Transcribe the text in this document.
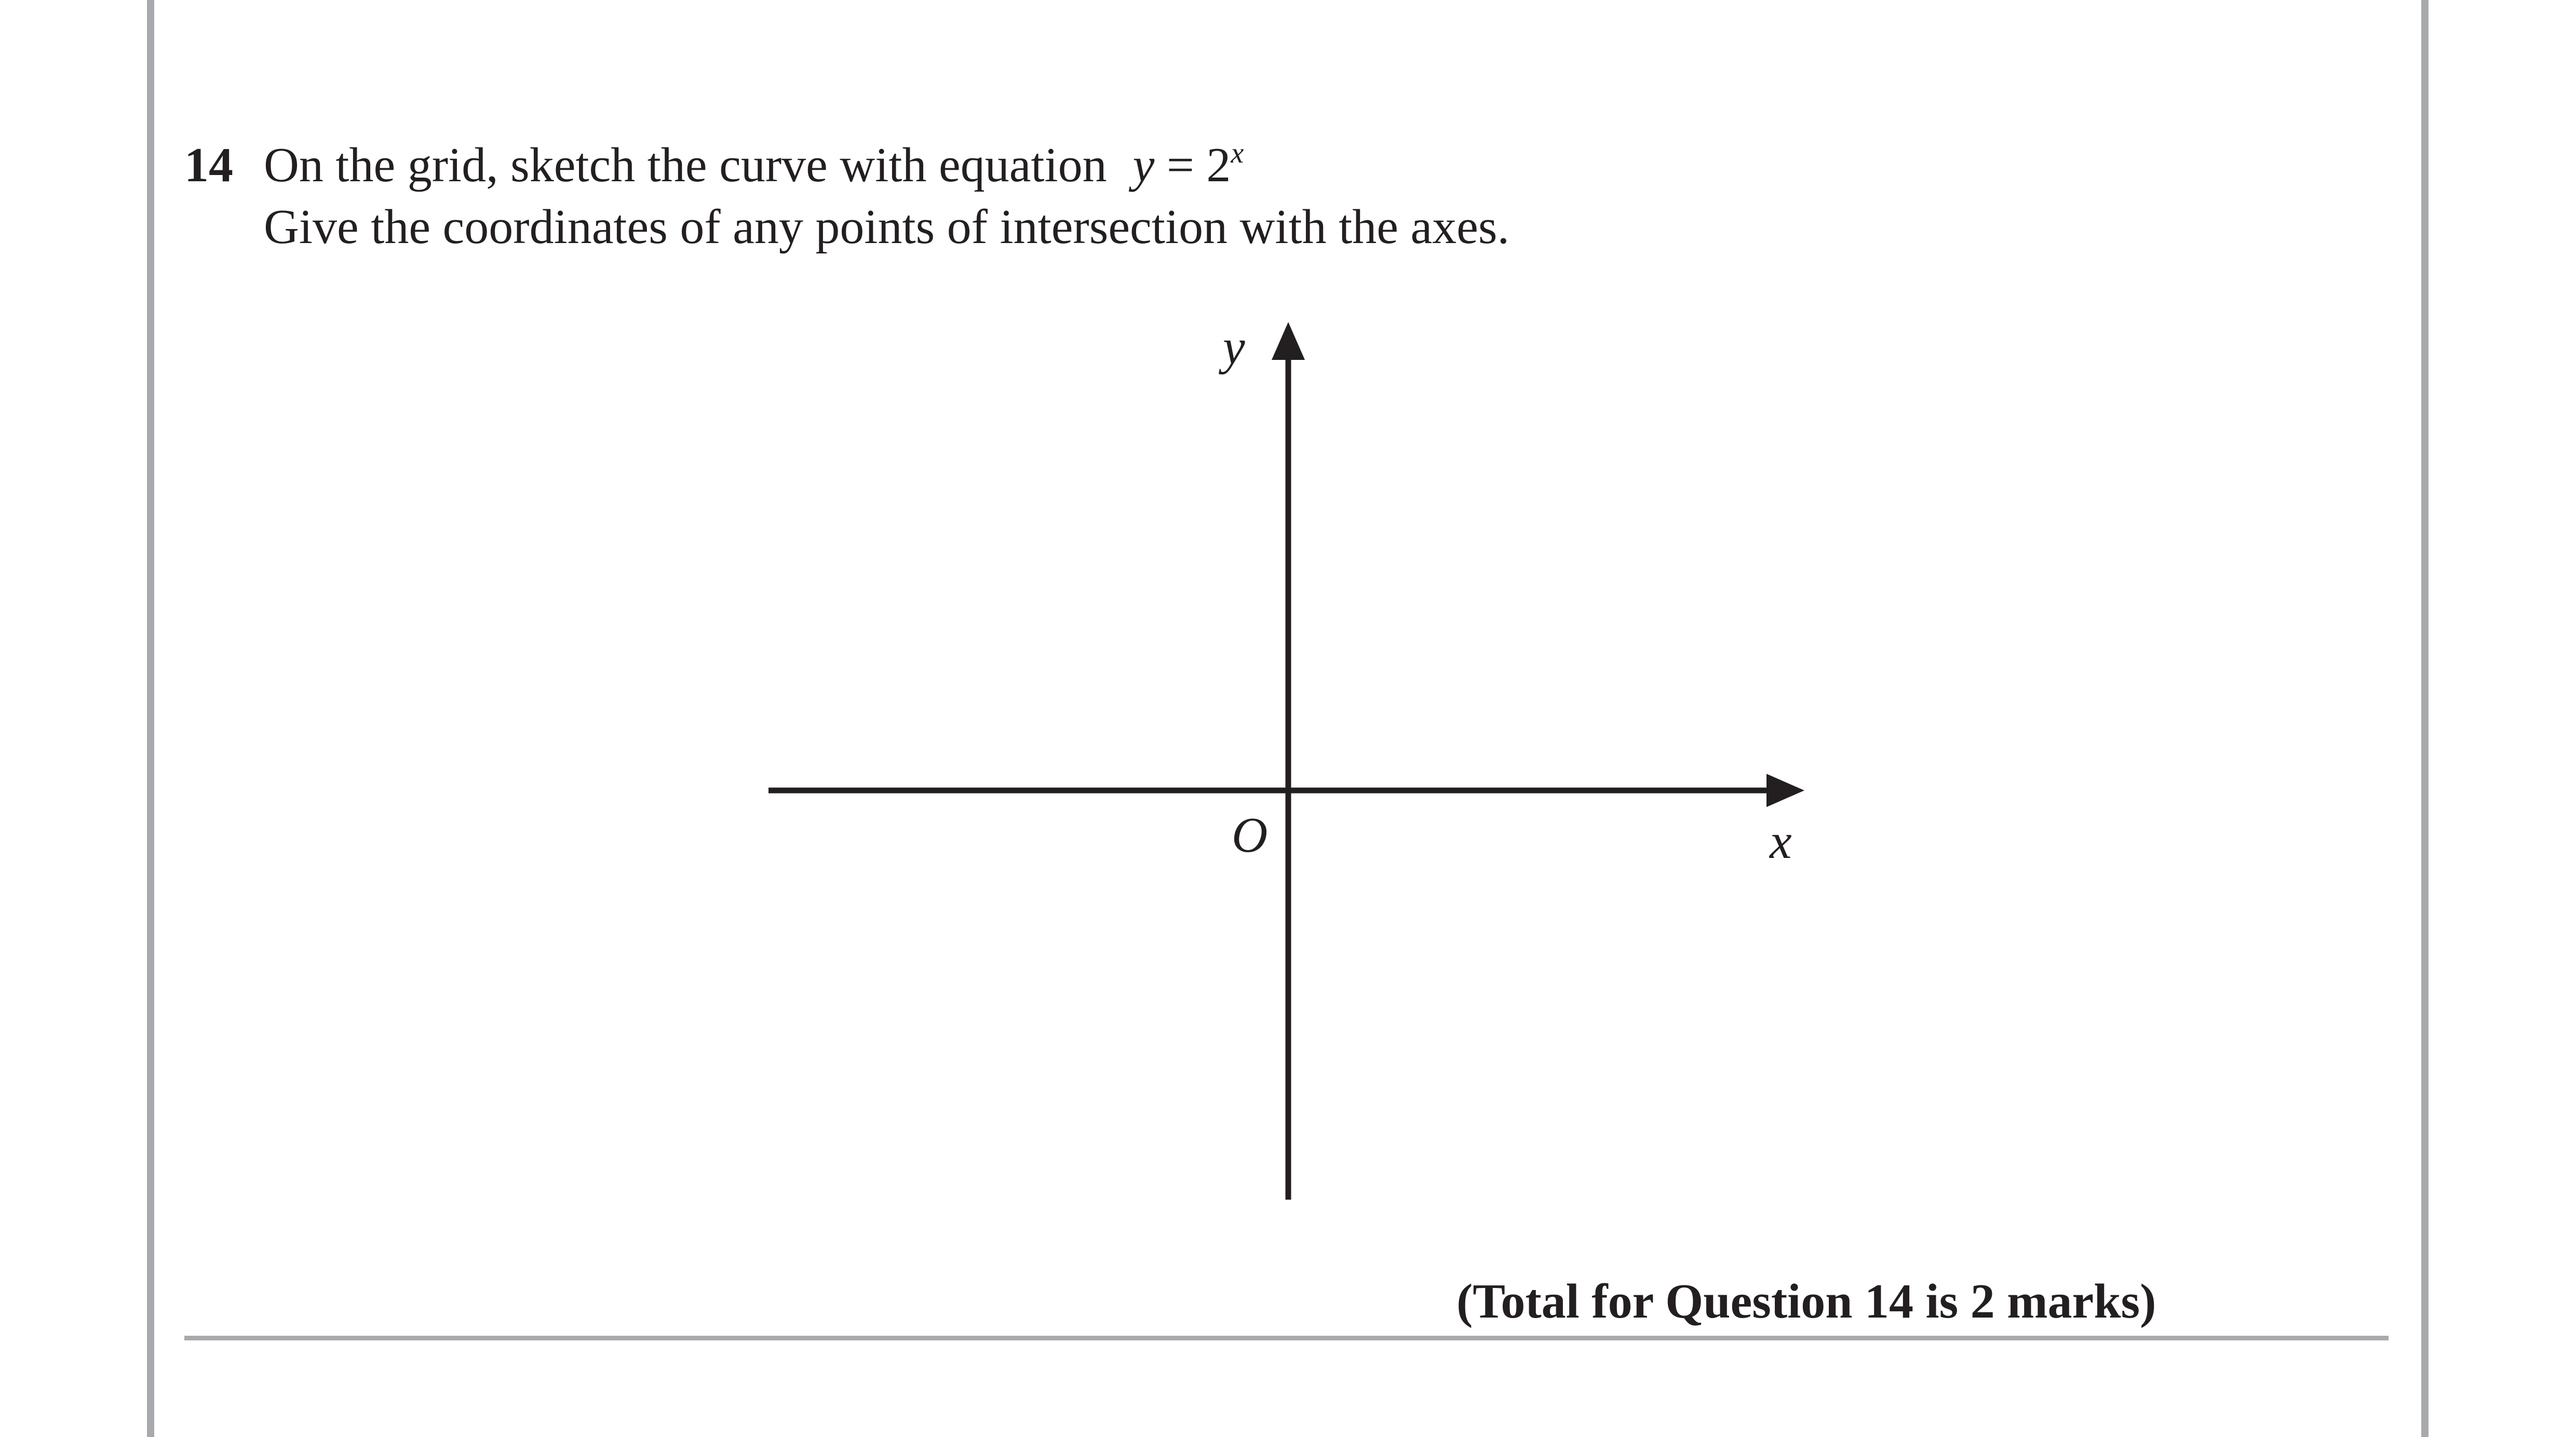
14 On the grid, sketch the curve with equation $y = 2^x$
Give the coordinates of any points of intersection with the axes.
y
x
O
(Total for Question 14 is 2 marks)
